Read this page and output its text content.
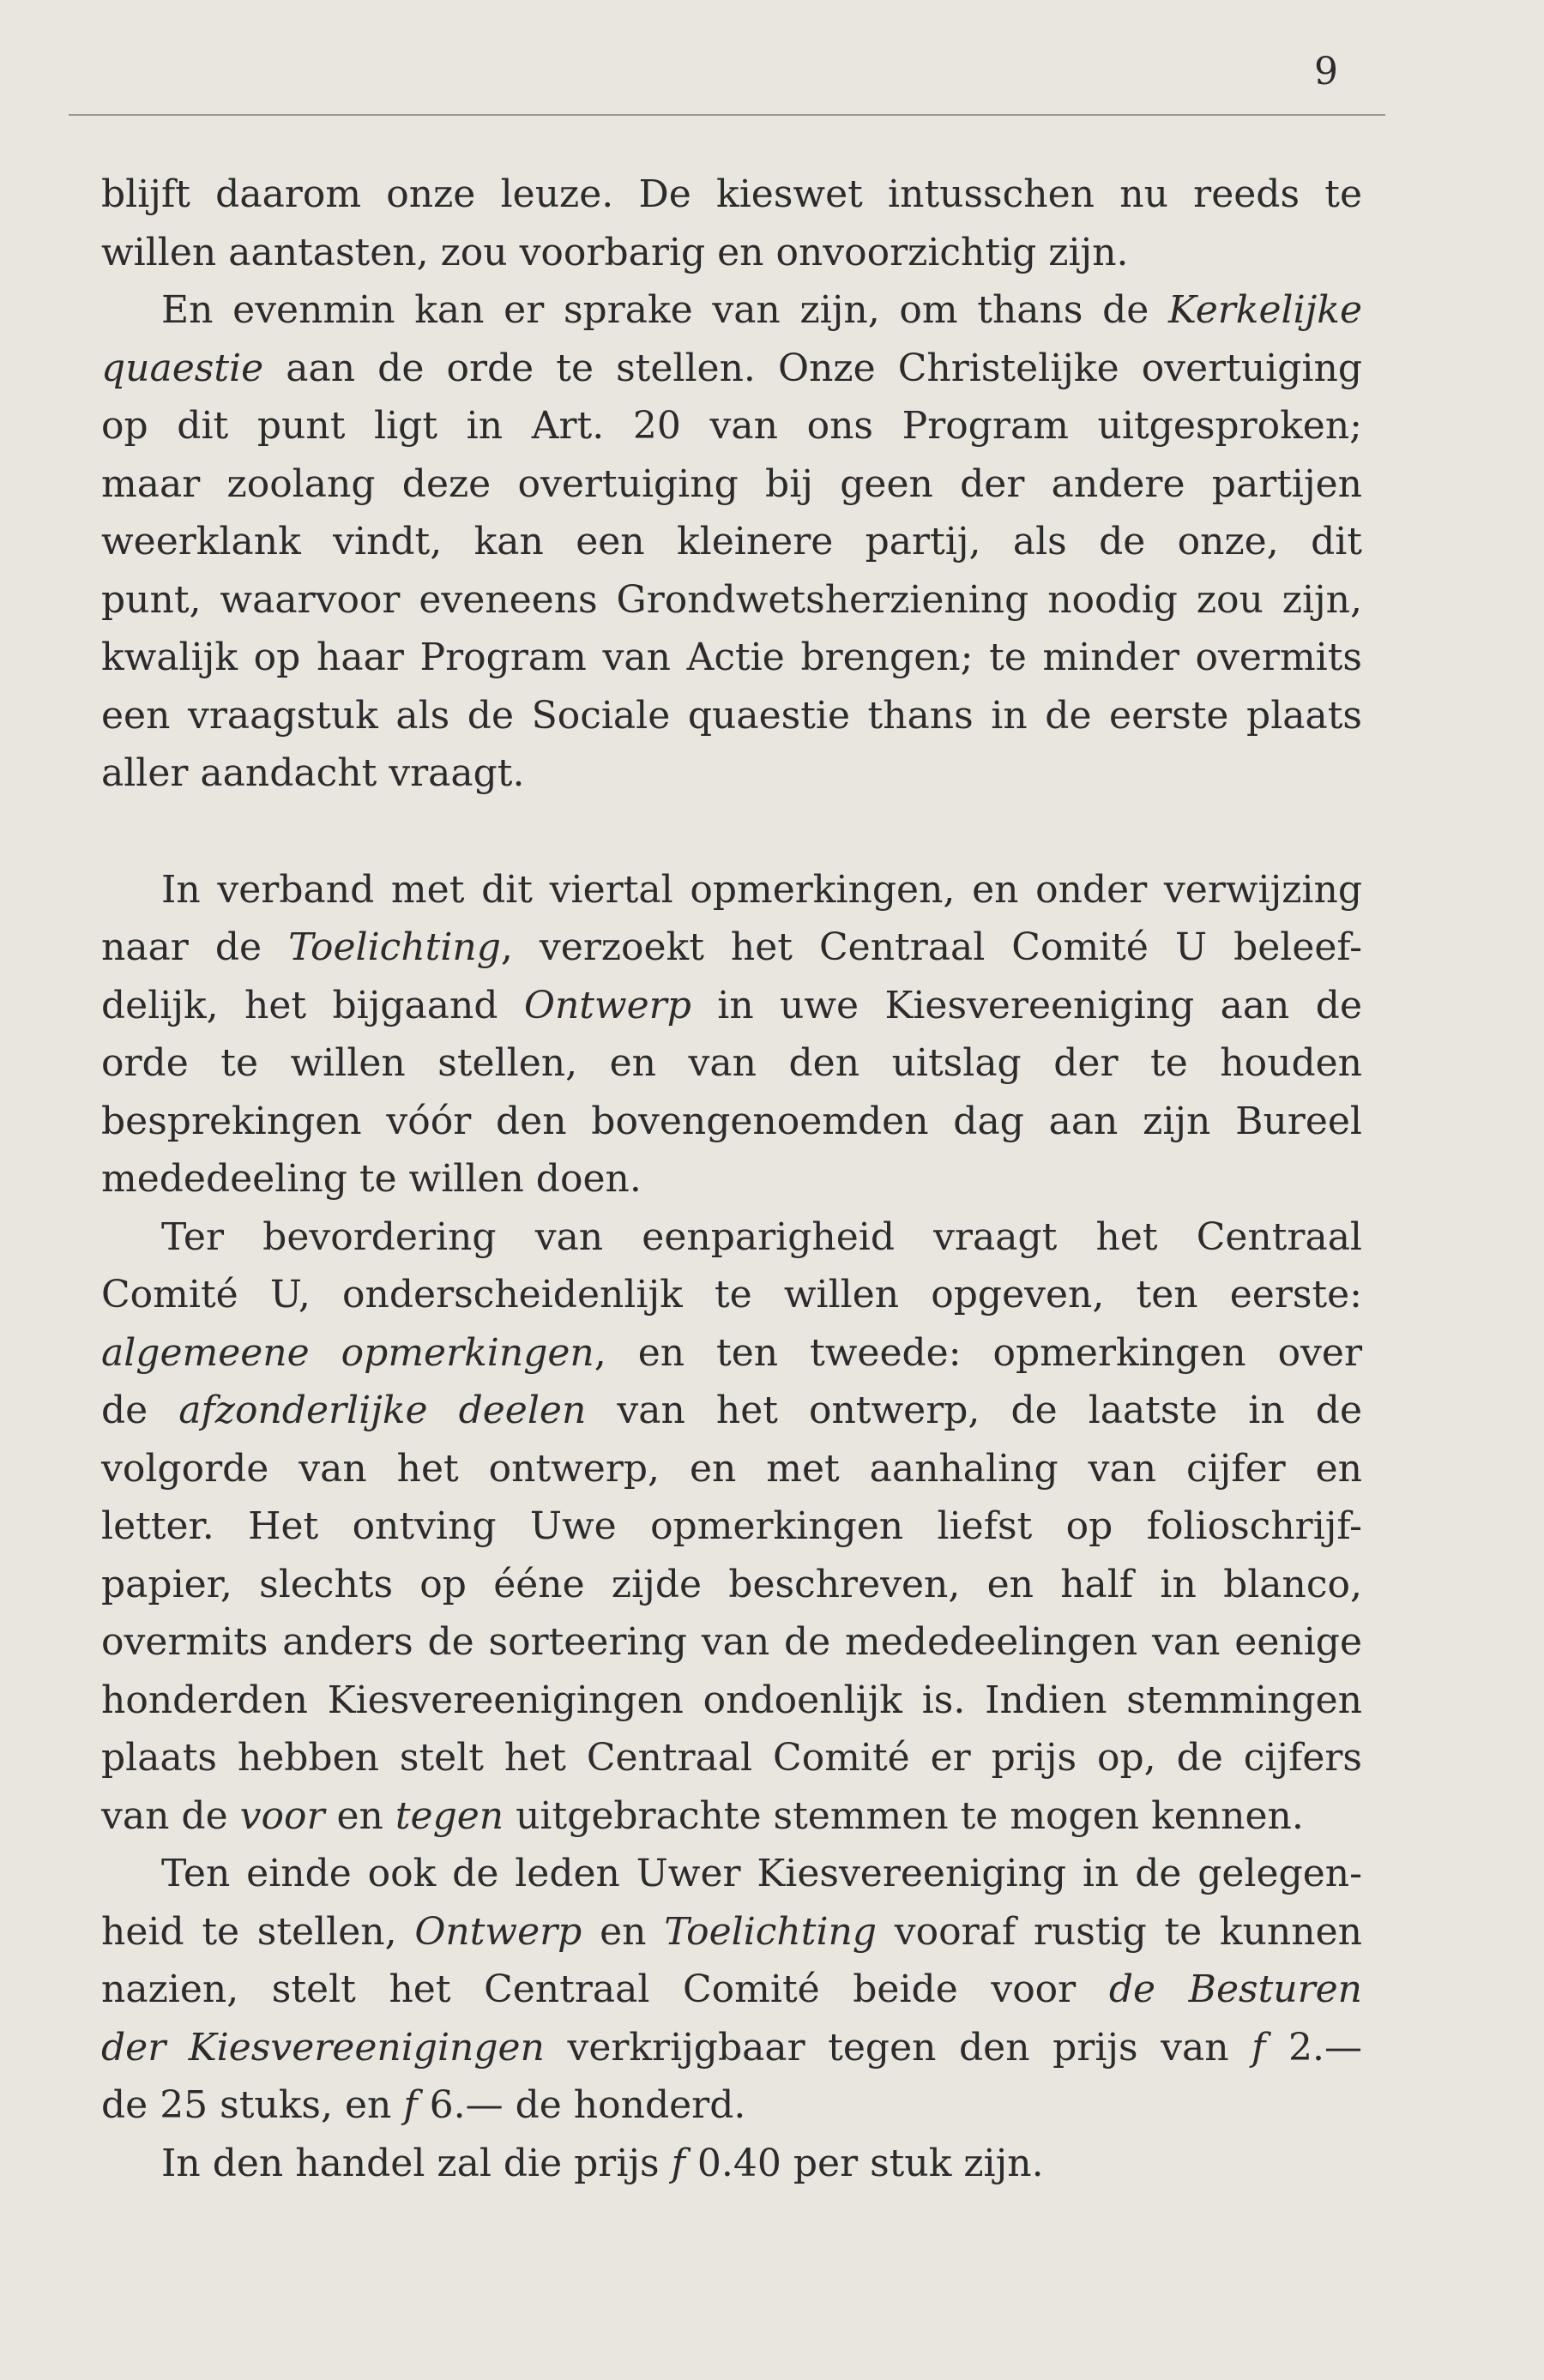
9
blijft daarom onze leuze. De kieswet intusschen nu reeds te
willen aantasten, zou voorbarig en onvoorzichtig zijn.
En evenmin kan er sprake van zijn, om thans de Kerkelijke
quaestie aan de orde te stellen. Onze Christelijke overtuiging
op dit punt ligt in Art. 20 van ons Program uitgesproken;
maar zoolang deze overtuiging bij geen der andere partijen
weerklank vindt, kan een kleinere partij, als de onze, dit
punt, waarvoor eveneens Grondwetsherziening noodig zou zijn,
kwalijk op haar Program van Actie brengen; te minder overmits
een vraagstuk als de Sociale quaestie thans in de eerste plaats
aller aandacht vraagt.
In verband met dit viertal opmerkingen, en onder verwijzing
naar de Toelichting, verzoekt het Centraal Comité U beleef-
delijk, het bijgaand Ontwerp in uwe Kiesvereeniging aan de
orde te willen stellen, en van den uitslag der te houden
besprekingen vóór den bovengenoemden dag aan zijn Bureel
mededeeling te willen doen.
Ter bevordering van eenparigheid vraagt het Centraal
Comité U, onderscheidenlijk te willen opgeven, ten eerste:
algemeene opmerkingen, en ten tweede: opmerkingen over
de afzonderlijke deelen van het ontwerp, de laatste in de
volgorde van het ontwerp, en met aanhaling van cijfer en
letter. Het ontving Uwe opmerkingen liefst op folioschrijf-
papier, slechts op ééne zijde beschreven, en half in blanco,
overmits anders de sorteering van de mededeelingen van eenige
honderden Kiesvereenigingen ondoenlijk is. Indien stemmingen
plaats hebben stelt het Centraal Comité er prijs op, de cijfers
van de voor en tegen uitgebrachte stemmen te mogen kennen.
Ten einde ook de leden Uwer Kiesvereeniging in de gelegen-
heid te stellen, Ontwerp en Toelichting vooraf rustig te kunnen
nazien, stelt het Centraal Comité beide voor de Besturen
der Kiesvereenigingen verkrijgbaar tegen den prijs van f 2.—
de 25 stuks, en f 6.— de honderd.
In den handel zal die prijs f 0.40 per stuk zijn.
